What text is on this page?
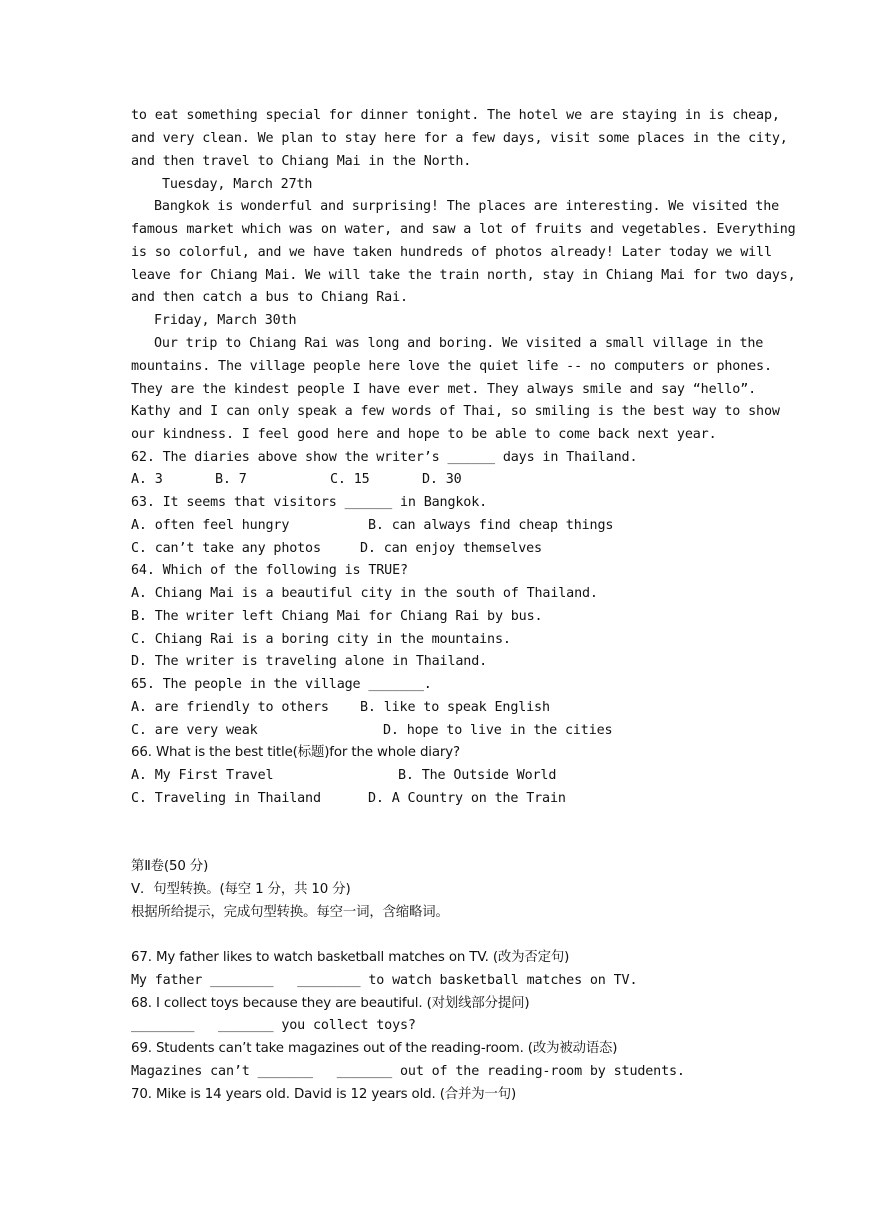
to eat something special for dinner tonight. The hotel we are staying in is cheap,
and very clean. We plan to stay here for a few days, visit some places in the city,
and then travel to Chiang Mai in the North.
Tuesday, March 27th
Bangkok is wonderful and surprising! The places are interesting. We visited the
famous market which was on water, and saw a lot of fruits and vegetables. Everything
is so colorful, and we have taken hundreds of photos already! Later today we will
leave for Chiang Mai. We will take the train north, stay in Chiang Mai for two days,
and then catch a bus to Chiang Rai.
Friday, March 30th
Our trip to Chiang Rai was long and boring. We visited a small village in the
mountains. The village people here love the quiet life -- no computers or phones.
They are the kindest people I have ever met. They always smile and say “hello”.
Kathy and I can only speak a few words of Thai, so smiling is the best way to show
our kindness. I feel good here and hope to be able to come back next year.
62. The diaries above show the writer’s ______ days in Thailand.
A. 3	B. 7	C. 15	D. 30
63. It seems that visitors ______ in Bangkok.
A. often feel hungry	B. can always find cheap things
C. can’t take any photos	D. can enjoy themselves
64. Which of the following is TRUE?
A. Chiang Mai is a beautiful city in the south of Thailand.
B. The writer left Chiang Mai for Chiang Rai by bus.
C. Chiang Rai is a boring city in the mountains.
D. The writer is traveling alone in Thailand.
65. The people in the village _______.
A. are friendly to others B. like to speak English
C. are very weak	D. hope to live in the cities
66. What is the best title(标题)for the whole diary?
A. My First Travel	B. The Outside World
C. Traveling in Thailand	D. A Country on the Train
第Ⅱ卷(50 分)
V．句型转换。(每空 1 分，共 10 分)
根据所给提示，完成句型转换。每空一词，含缩略词。
67. My father likes to watch basketball matches on TV. (改为否定句)
My father ________   ________ to watch basketball matches on TV.
68. I collect toys because they are beautiful. (对划线部分提问)
________   _______ you collect toys?
69. Students can’t take magazines out of the reading-room. (改为被动语态)
Magazines can’t _______   _______ out of the reading-room by students.
70. Mike is 14 years old. David is 12 years old. (合并为一句)
